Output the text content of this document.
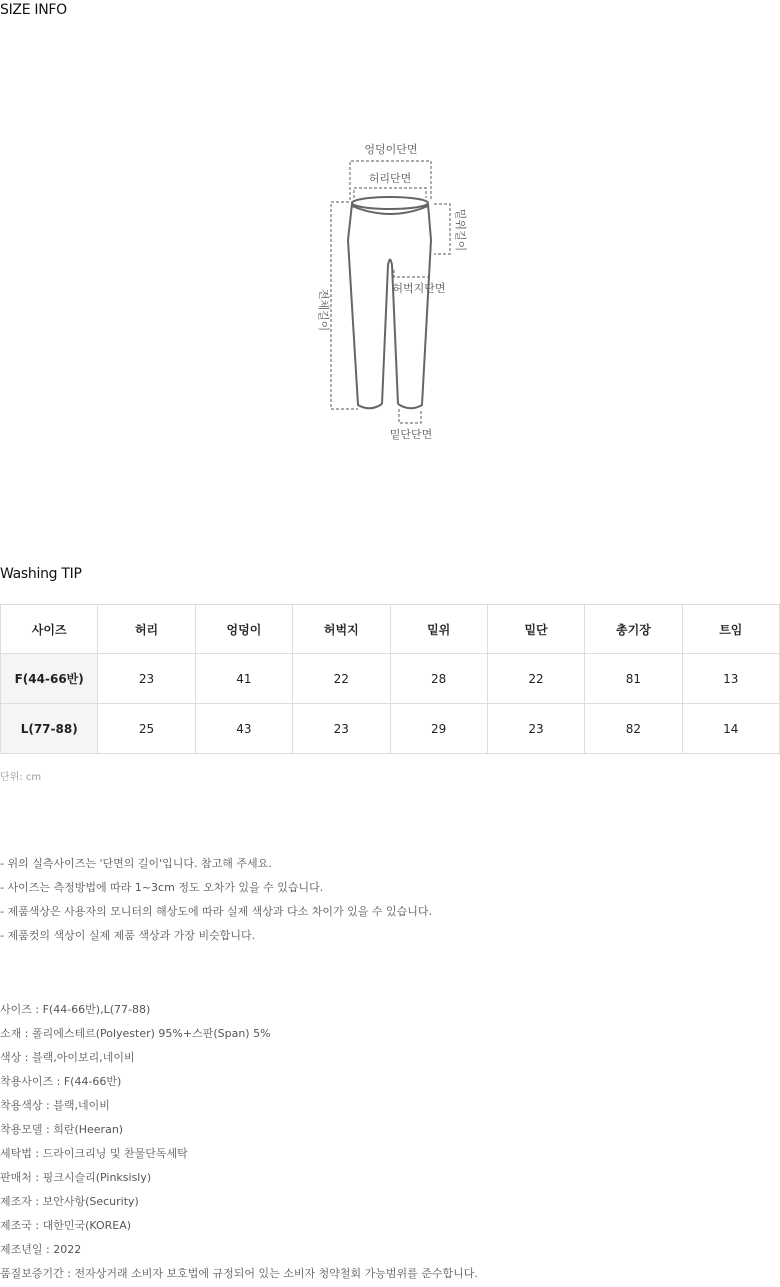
SIZE INFO
엉덩이단면
허리단면
밑위길이
전체길이
허벅지단면
밑단단면
Washing TIP
사이즈	허리	엉덩이	허벅지	밑위	밑단	총기장	트임
F(44-66반)	23	41	22	28	22	81	13
L(77-88)	25	43	23	29	23	82	14

단위: cm

- 위의 실측사이즈는 '단면의 길이'입니다. 참고해 주세요.
- 사이즈는 측정방법에 따라 1~3cm 정도 오차가 있을 수 있습니다.
- 제품색상은 사용자의 모니터의 해상도에 따라 실제 색상과 다소 차이가 있을 수 있습니다.
- 제품컷의 색상이 실제 제품 색상과 가장 비슷합니다.
사이즈 : F(44-66반),L(77-88)
소재 : 폴리에스테르(Polyester) 95%+스판(Span) 5%
색상 : 블랙,아이보리,네이비
착용사이즈 : F(44-66반)
착용색상 : 블랙,네이비
착용모델 : 희란(Heeran)
세탁법 : 드라이크리닝 및 찬물단독세탁
판매처 : 핑크시슬리(Pinksisly)
제조자 : 보안사항(Security)
제조국 : 대한민국(KOREA)
제조년일 : 2022
품질보증기간 : 전자상거래 소비자 보호법에 규정되어 있는 소비자 청약철회 가능범위를 준수합니다.
